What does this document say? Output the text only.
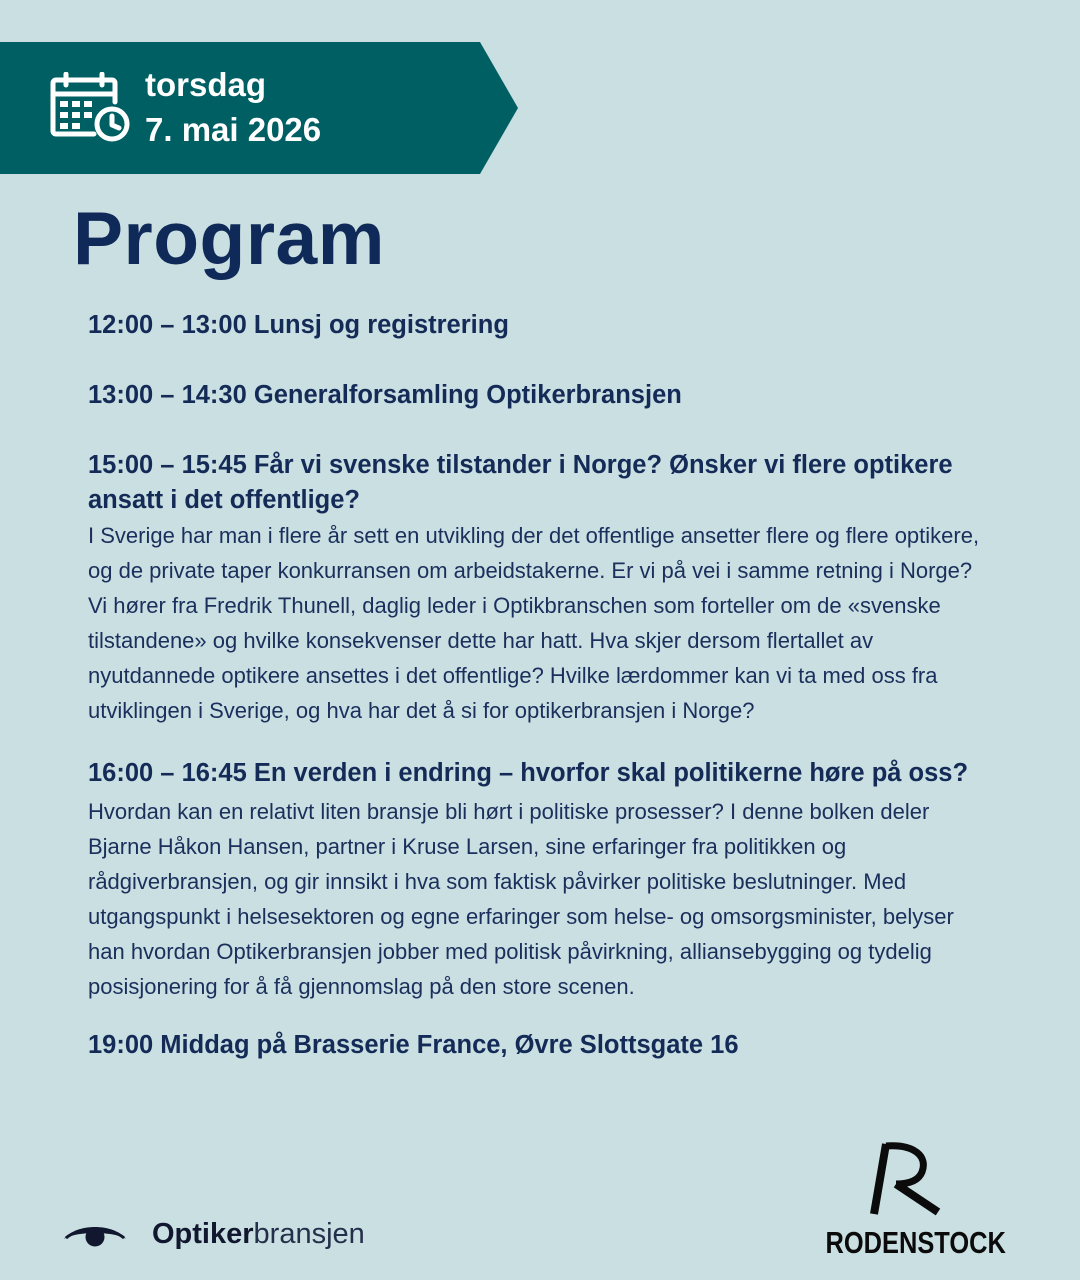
torsdag
7. mai 2026
Program
12:00 – 13:00 Lunsj og registrering
13:00 – 14:30 Generalforsamling Optikerbransjen
15:00 – 15:45 Får vi svenske tilstander i Norge? Ønsker vi flere optikere ansatt i det offentlige?
I Sverige har man i flere år sett en utvikling der det offentlige ansetter flere og flere optikere, og de private taper konkurransen om arbeidstakerne. Er vi på vei i samme retning i Norge? Vi hører fra Fredrik Thunell, daglig leder i Optikbranschen som forteller om de «svenske tilstandene» og hvilke konsekvenser dette har hatt. Hva skjer dersom flertallet av nyutdannede optikere ansettes i det offentlige? Hvilke lærdommer kan vi ta med oss fra utviklingen i Sverige, og hva har det å si for optikerbransjen i Norge?
16:00 – 16:45 En verden i endring – hvorfor skal politikerne høre på oss?
Hvordan kan en relativt liten bransje bli hørt i politiske prosesser? I denne bolken deler Bjarne Håkon Hansen, partner i Kruse Larsen, sine erfaringer fra politikken og rådgiverbransjen, og gir innsikt i hva som faktisk påvirker politiske beslutninger. Med utgangspunkt i helsesektoren og egne erfaringer som helse- og omsorgsminister, belyser han hvordan Optikerbransjen jobber med politisk påvirkning, alliansebygging og tydelig posisjonering for å få gjennomslag på den store scenen.
19:00 Middag på Brasserie France, Øvre Slottsgate 16
Optikerbransjen	RODENSTOCK
